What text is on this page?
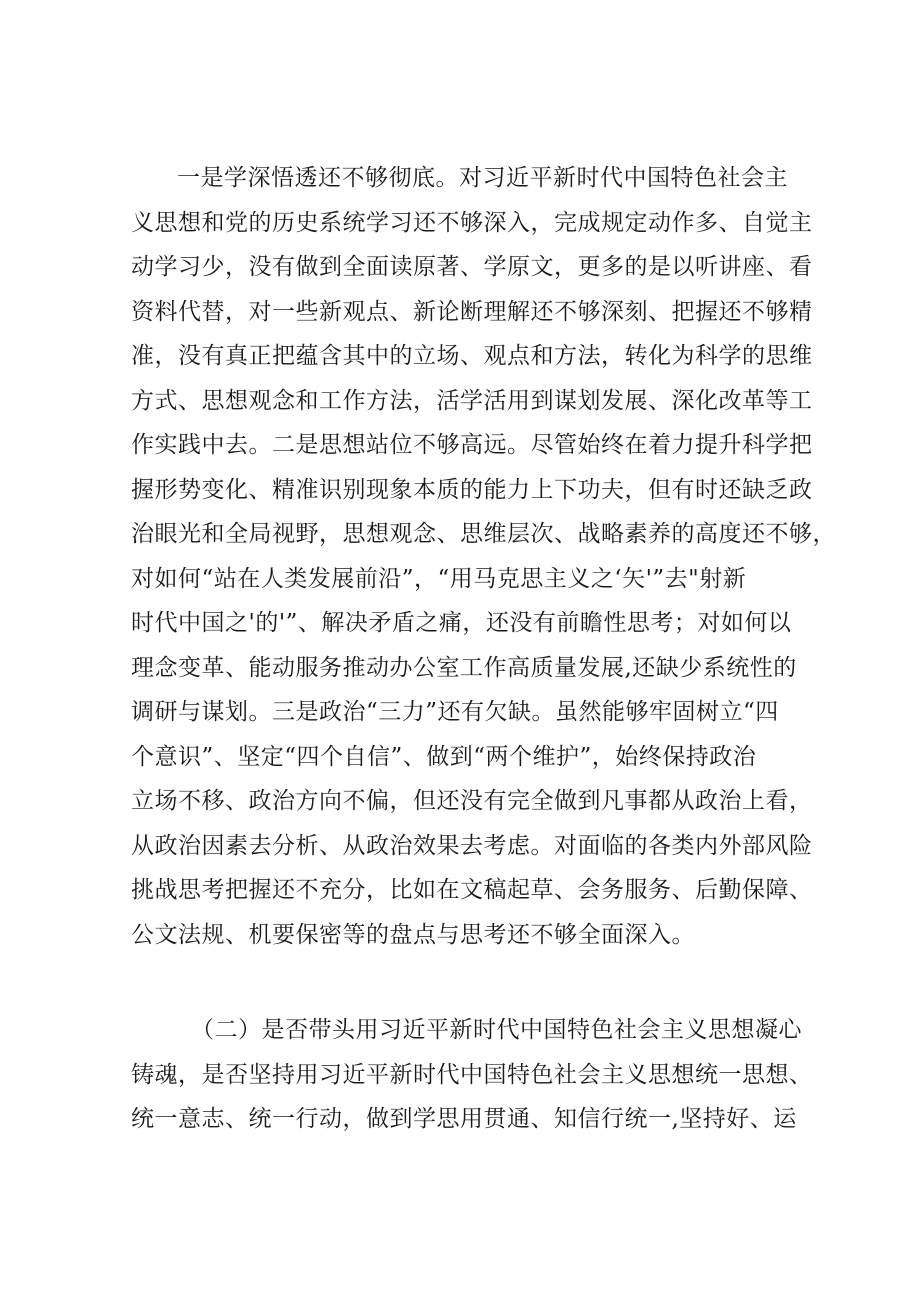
一是学深悟透还不够彻底。对习近平新时代中国特色社会主
义思想和党的历史系统学习还不够深入，完成规定动作多、自觉主
动学习少，没有做到全面读原著、学原文，更多的是以听讲座、看
资料代替，对一些新观点、新论断理解还不够深刻、把握还不够精
准，没有真正把蕴含其中的立场、观点和方法，转化为科学的思维
方式、思想观念和工作方法，活学活用到谋划发展、深化改革等工
作实践中去。二是思想站位不够高远。尽管始终在着力提升科学把
握形势变化、精准识别现象本质的能力上下功夫，但有时还缺乏政
治眼光和全局视野，思想观念、思维层次、战略素养的高度还不够，
对如何“站在人类发展前沿”，“用马克思主义之‘矢'”去"射新
时代中国之'的'”、解决矛盾之痛，还没有前瞻性思考；对如何以
理念变革、能动服务推动办公室工作高质量发展,还缺少系统性的
调研与谋划。三是政治“三力”还有欠缺。虽然能够牢固树立“四
个意识”、坚定“四个自信”、做到“两个维护”，始终保持政治
立场不移、政治方向不偏，但还没有完全做到凡事都从政治上看，
从政治因素去分析、从政治效果去考虑。对面临的各类内外部风险
挑战思考把握还不充分，比如在文稿起草、会务服务、后勤保障、
公文法规、机要保密等的盘点与思考还不够全面深入。
（二）是否带头用习近平新时代中国特色社会主义思想凝心
铸魂，是否坚持用习近平新时代中国特色社会主义思想统一思想、
统一意志、统一行动，做到学思用贯通、知信行统一,坚持好、运
